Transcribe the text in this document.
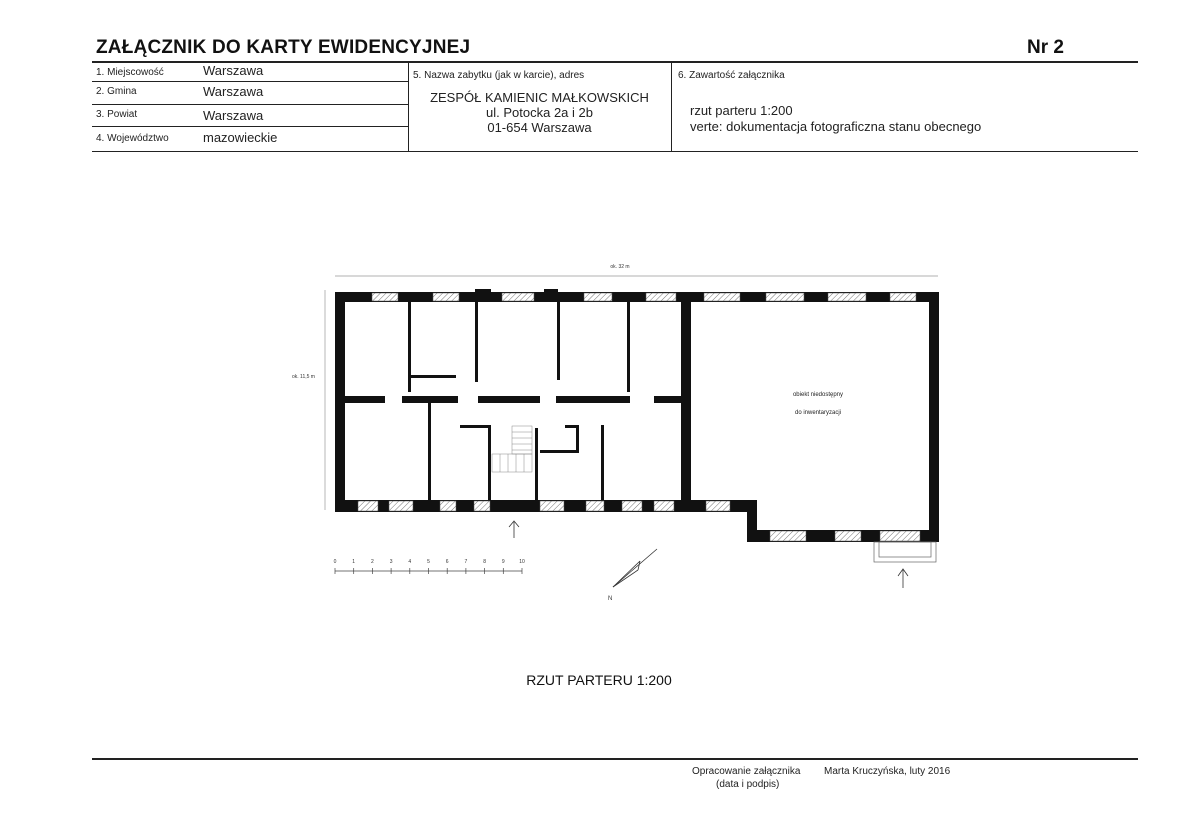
ZAŁĄCZNIK DO KARTY EWIDENCYJNEJ	Nr 2
1. Miejscowość	Warszawa
2. Gmina	Warszawa
3. Powiat	Warszawa
4. Województwo	mazowieckie
5. Nazwa zabytku (jak w karcie), adres
ZESPÓŁ KAMIENIC MAŁKOWSKICH
ul. Potocka 2a i 2b
01-654 Warszawa
6. Zawartość załącznika
rzut parteru 1:200
verte: dokumentacja fotograficzna stanu obecnego
ok. 32 m
ok. 11,5 m
obiekt niedostępny
do inwentaryzacji
0	1	2	3	4	5	6	7	8	9	10
N
RZUT PARTERU 1:200
Opracowanie załącznika
(data i podpis)
Marta Kruczyńska, luty 2016
